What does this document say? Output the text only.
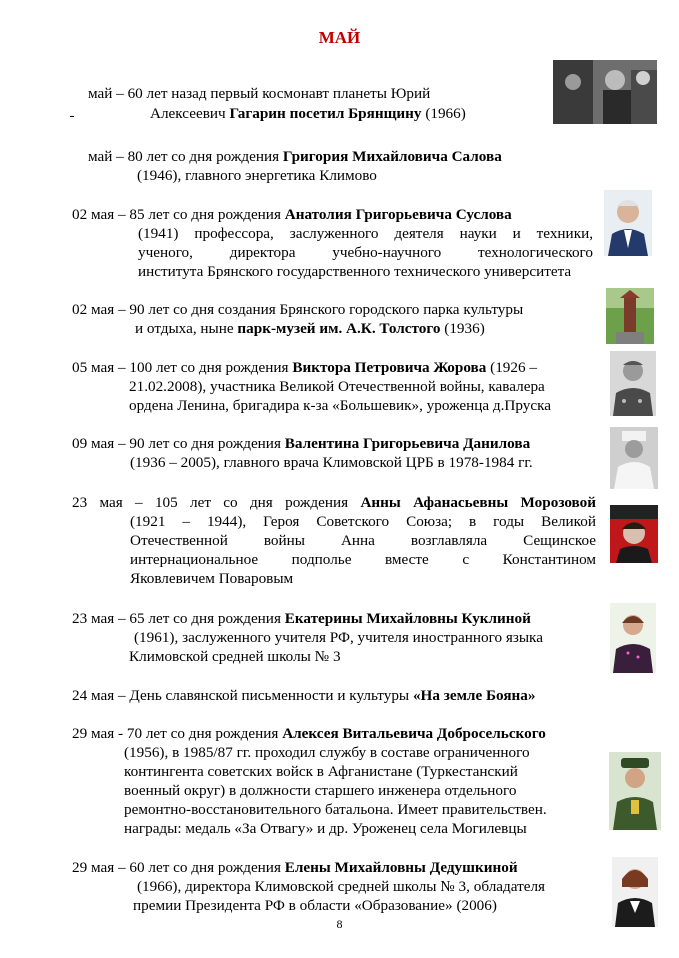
МАЙ
май – 60 лет назад первый космонавт планеты Юрий
Алексеевич Гагарин посетил Брянщину (1966)
май – 80 лет со дня рождения Григория Михайловича Салова
(1946), главного энергетика Климово
02 мая – 85 лет со дня рождения Анатолия Григорьевича Суслова
(1941) профессора, заслуженного деятеля науки и техники,
ученого, директора учебно-научного технологического
института Брянского государственного технического университета
02 мая – 90 лет со дня создания Брянского городского парка культуры
и отдыха, ныне парк-музей им. А.К. Толстого (1936)
05 мая – 100 лет со дня рождения Виктора Петровича Жорова (1926 –
21.02.2008), участника Великой Отечественной войны, кавалера
ордена Ленина, бригадира к-за «Большевик», уроженца д.Пруска
09 мая – 90 лет со дня рождения Валентина Григорьевича Данилова
(1936 – 2005), главного врача Климовской ЦРБ в 1978-1984 гг.
23 мая – 105 лет со дня рождения Анны Афанасьевны Морозовой
(1921 – 1944), Героя Советского Союза; в годы Великой
Отечественной войны Анна возглавляла Сещинское
интернациональное подполье вместе с Константином
Яковлевичем Поваровым
23 мая – 65 лет со дня рождения Екатерины Михайловны Куклиной
(1961), заслуженного учителя РФ, учителя иностранного языка
Климовской средней школы № 3
24 мая – День славянской письменности и культуры «На земле Бояна»
29 мая - 70 лет со дня рождения Алексея Витальевича Добросельского
(1956), в 1985/87 гг. проходил службу в составе ограниченного
контингента советских войск в Афганистане (Туркестанский
военный округ) в должности старшего инженера отдельного
ремонтно-восстановительного батальона. Имеет правительствен.
награды: медаль «За Отвагу» и др. Уроженец села Могилевцы
29 мая – 60 лет со дня рождения Елены Михайловны Дедушкиной
(1966), директора Климовской средней школы № 3, обладателя
премии Президента РФ в области «Образование» (2006)
8
